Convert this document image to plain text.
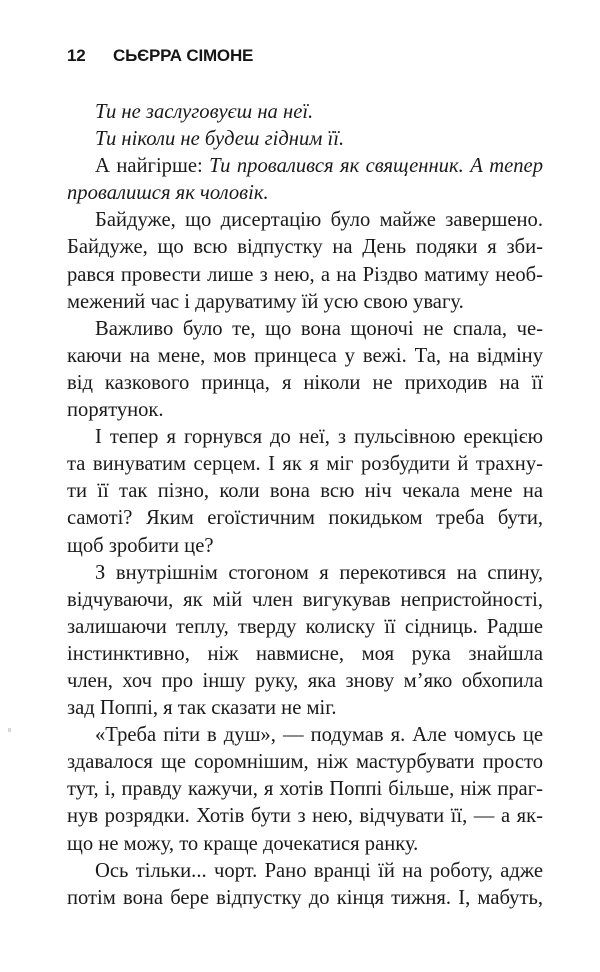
12 СЬЄРРА СІМОНЕ
Ти не заслуговуєш на неї.
Ти ніколи не будеш гідним її.
А найгірше: Ти провалився як священник. А тепер
провалишся як чоловік.
Байдуже, що дисертацію було майже завершено.
Байдуже, що всю відпустку на День подяки я зби-
рався провести лише з нею, а на Різдво матиму необ-
межений час і даруватиму їй усю свою увагу.
Важливо було те, що вона щоночі не спала, че-
каючи на мене, мов принцеса у вежі. Та, на відміну
від казкового принца, я ніколи не приходив на її
порятунок.
І тепер я горнувся до неї, з пульсівною ерекцією
та винуватим серцем. І як я міг розбудити й трахну-
ти її так пізно, коли вона всю ніч чекала мене на
самоті? Яким егоїстичним покидьком треба бути,
щоб зробити це?
З внутрішнім стогоном я перекотився на спину,
відчуваючи, як мій член вигукував непристойності,
залишаючи теплу, тверду колиску її сідниць. Радше
інстинктивно, ніж навмисне, моя рука знайшла
член, хоч про іншу руку, яка знову м’яко обхопила
зад Поппі, я так сказати не міг.
«Треба піти в душ», — подумав я. Але чомусь це
здавалося ще соромнішим, ніж мастурбувати просто
тут, і, правду кажучи, я хотів Поппі більше, ніж праг-
нув розрядки. Хотів бути з нею, відчувати її, — а як-
що не можу, то краще дочекатися ранку.
Ось тільки... чорт. Рано вранці їй на роботу, адже
потім вона бере відпустку до кінця тижня. І, мабуть,
